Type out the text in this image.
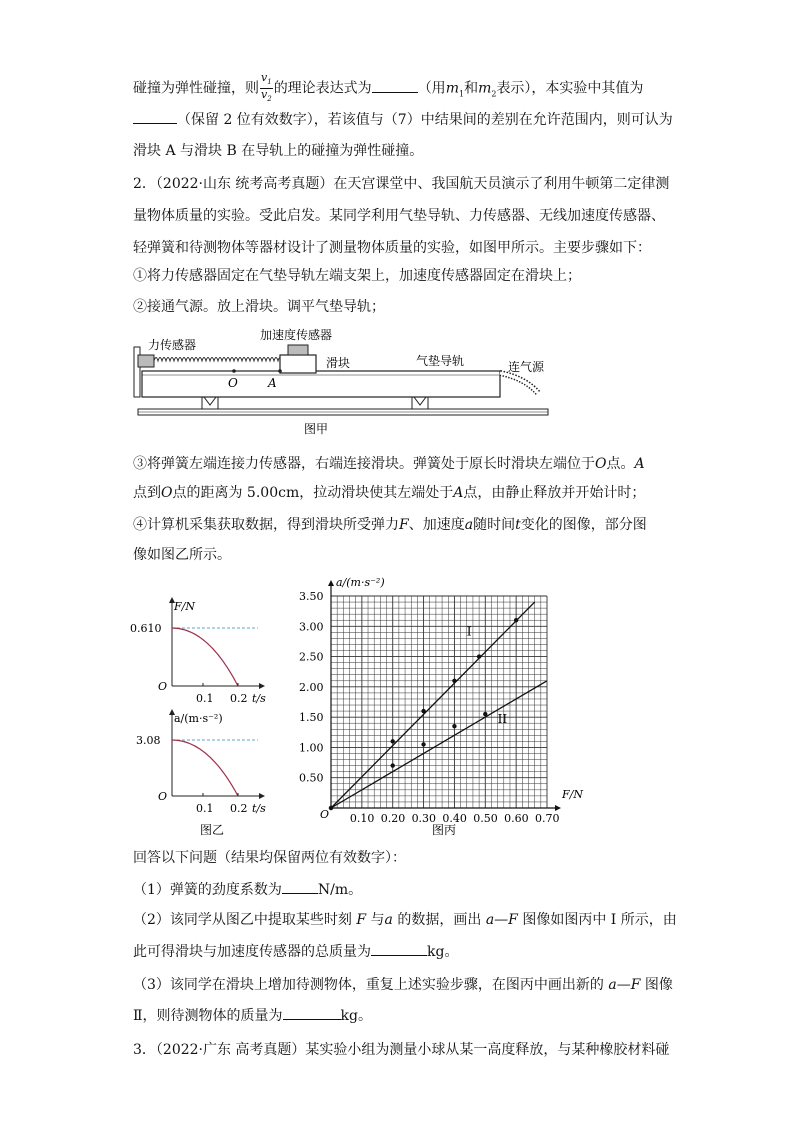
碰撞为弹性碰撞，则 $\frac{v_1}{v_2}$ 的理论表达式为	（用$m_1$和$m_2$表示），本实验中其值为
（保留 2 位有效数字），若该值与（7）中结果间的差别在允许范围内，则可认为
滑块 A 与滑块 B 在导轨上的碰撞为弹性碰撞。
2．（2022·山东 统考高考真题）在天宫课堂中、我国航天员演示了利用牛顿第二定律测
量物体质量的实验。受此启发。某同学利用气垫导轨、力传感器、无线加速度传感器、
轻弹簧和待测物体等器材设计了测量物体质量的实验，如图甲所示。主要步骤如下：
①将力传感器固定在气垫导轨左端支架上，加速度传感器固定在滑块上；
②接通气源。放上滑块。调平气垫导轨；
力传感器
加速度传感器
滑块	气垫导轨	连气源
O	A
图甲
③将弹簧左端连接力传感器，右端连接滑块。弹簧处于原长时滑块左端位于O点。A
点到O点的距离为 5.00cm，拉动滑块使其左端处于A点，由静止释放并开始计时；
④计算机采集获取数据，得到滑块所受弹力F、加速度a随时间t变化的图像，部分图
像如图乙所示。
F/N
0.610
O
0.1 0.2 t/s
a/(m·s⁻²)
3.08
O
0.1 0.2 t/s
图乙
0.10 0.20 0.30 0.40 0.50 0.60 0.70
0.50
1.00
1.50
2.00
2.50
3.00
3.50
I
II
a/(m·s⁻²)
F/N
O
图丙
回答以下问题（结果均保留两位有效数字）：
（1）弹簧的劲度系数为	N/m。
（2）该同学从图乙中提取某些时刻 F 与a 的数据，画出 a—F 图像如图丙中 I 所示，由
此可得滑块与加速度传感器的总质量为	kg。
（3）该同学在滑块上增加待测物体，重复上述实验步骤，在图丙中画出新的 a—F 图像
Ⅱ，则待测物体的质量为	kg。
3．（2022·广东 高考真题）某实验小组为测量小球从某一高度释放，与某种橡胶材料碰
